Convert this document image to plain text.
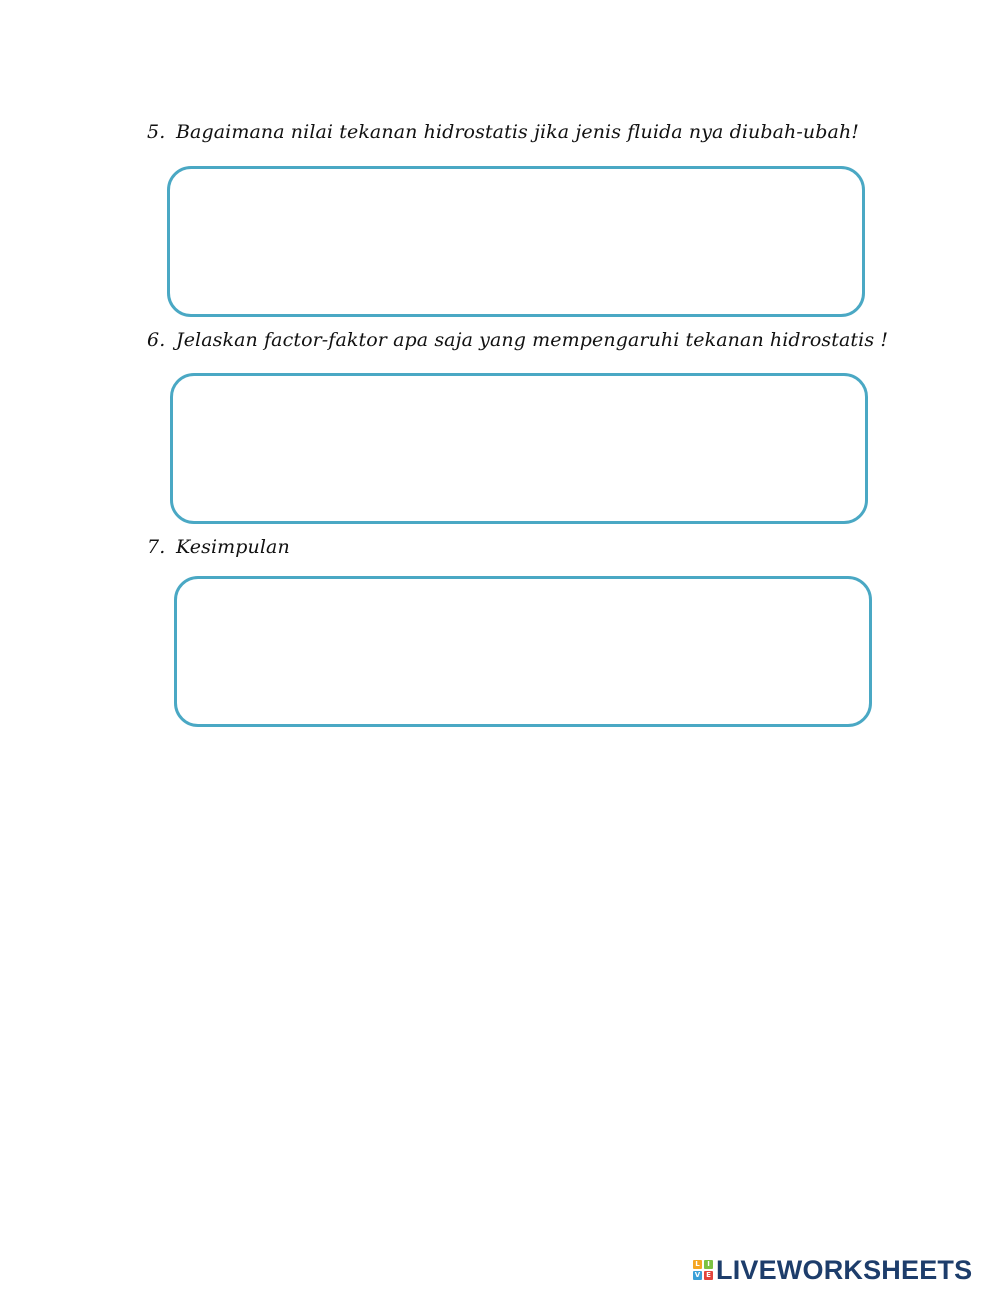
5. Bagaimana nilai tekanan hidrostatis jika jenis fluida nya diubah-ubah!
6. Jelaskan factor-faktor apa saja yang mempengaruhi tekanan hidrostatis !
7. Kesimpulan
L	I
V E LIVEWORKSHEETS
